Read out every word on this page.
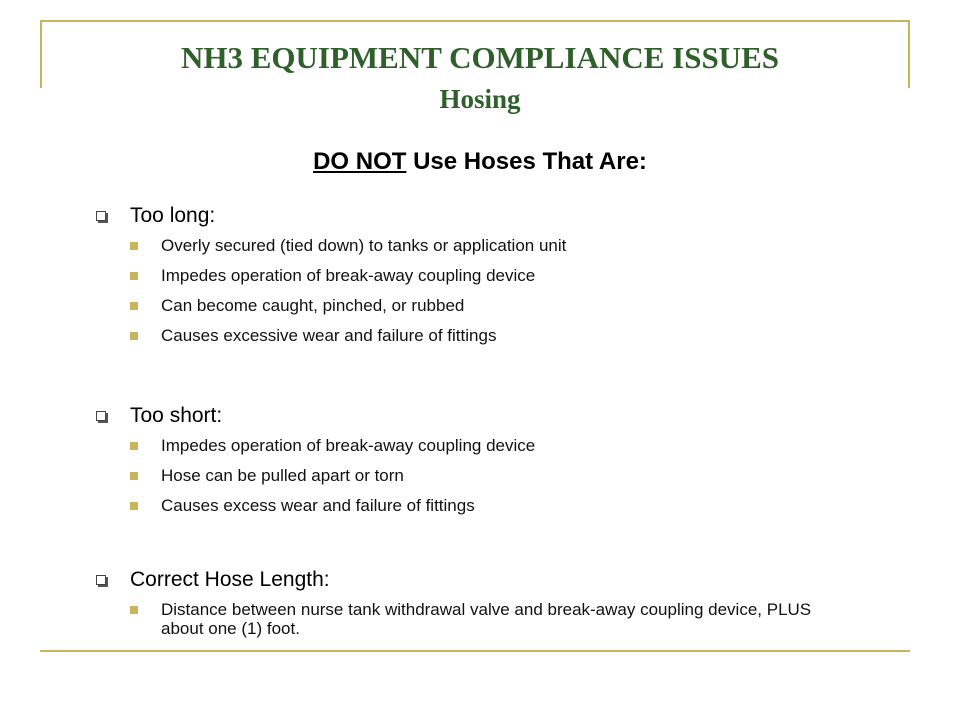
NH3 EQUIPMENT COMPLIANCE ISSUES
Hosing
DO NOT Use Hoses That Are:
Too long:
Overly secured (tied down) to tanks or application unit
Impedes operation of break-away coupling device
Can become caught, pinched, or rubbed
Causes excessive wear and failure of fittings
Too short:
Impedes operation of break-away coupling device
Hose can be pulled apart or torn
Causes excess wear and failure of fittings
Correct Hose Length:
Distance between nurse tank withdrawal valve and break-away coupling device, PLUS about one (1) foot.
